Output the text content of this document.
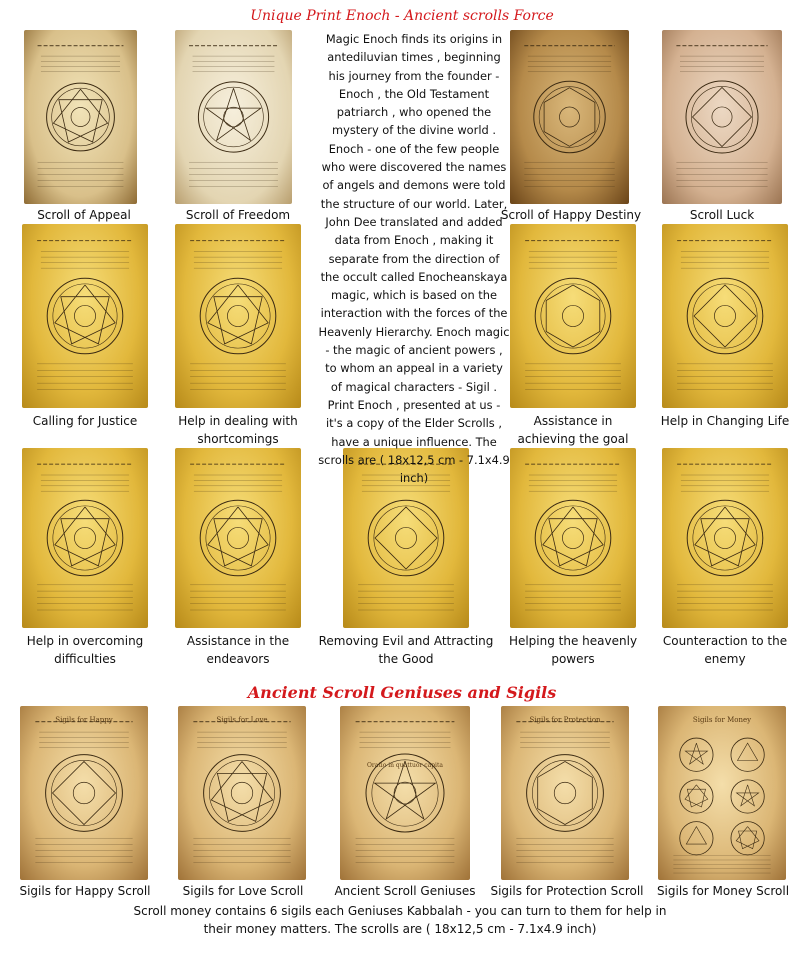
Unique Print Enoch - Ancient scrolls Force
Scroll of Appeal	Scroll of Freedom	Scroll of Happy Destiny	Scroll Luck
Calling for Justice	Help in dealing with shortcomings
Assistance in achieving the goal
Help in Changing Life
Help in overcoming difficulties
Assistance in the endeavors
Removing Evil and Attracting the Good
Helping the heavenly powers
Counteraction to the enemy
Ancient Scroll Geniuses and Sigils
Sigils for Happy	Sigils for Love
Oratio in quattuor capita
Sigils for Protection	Sigils for Money
Sigils for Happy Scroll	Sigils for Love Scroll	Ancient Scroll Geniuses	Sigils for Protection Scroll	Sigils for Money Scroll
Magic Enoch finds its origins in antediluvian times , beginning his journey from the founder - Enoch , the Old Testament patriarch , who opened the mystery of the divine world . Enoch - one of the few people who were discovered the names of angels and demons were told the structure of our world. Later, John Dee translated and added data from Enoch , making it separate from the direction of the occult called Enocheanskaya magic, which is based on the interaction with the forces of the Heavenly Hierarchy. Enoch magic - the magic of ancient powers , to whom an appeal in a variety of magical characters - Sigil . Print Enoch , presented at us - it's a copy of the Elder Scrolls , have a unique influence. The scrolls are ( 18x12,5 cm - 7.1x4.9 inch)
Scroll money contains 6 sigils each Geniuses Kabbalah - you can turn to them for help in their money matters. The scrolls are ( 18x12,5 cm - 7.1x4.9 inch)
